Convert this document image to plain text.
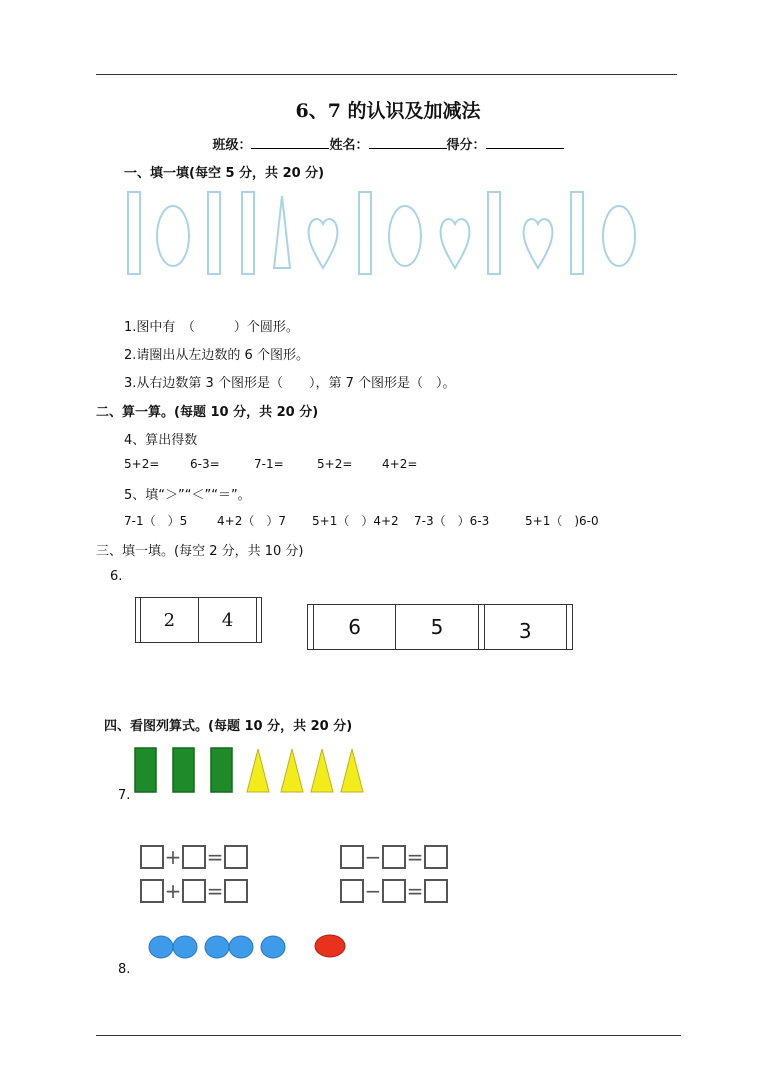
6、7 的认识及加减法
班级：	姓名：	得分：
一、填一填(每空 5 分，共 20 分)
1.图中有　（　　　）个圆形。
2.请圈出从左边数的 6 个图形。
3.从右边数第 3 个图形是（　　），第 7 个图形是（　）。
二、算一算。(每题 10 分，共 20 分)
4、算出得数
5+2=	6-3=	7-1=	5+2= 4+2=
5、填“＞”“＜”“＝”。
7-1（　）5 4+2（　）7 5+1（　）4+2 7-3（　）6-3	5+1（　)6-0
三、填一填。(每空 2 分，共 10 分)
6.
	2	4	
		6	5		3	
四、看图列算式。(每题 10 分，共 20 分)
7.
+ =
+ =
− =
− =
8.
